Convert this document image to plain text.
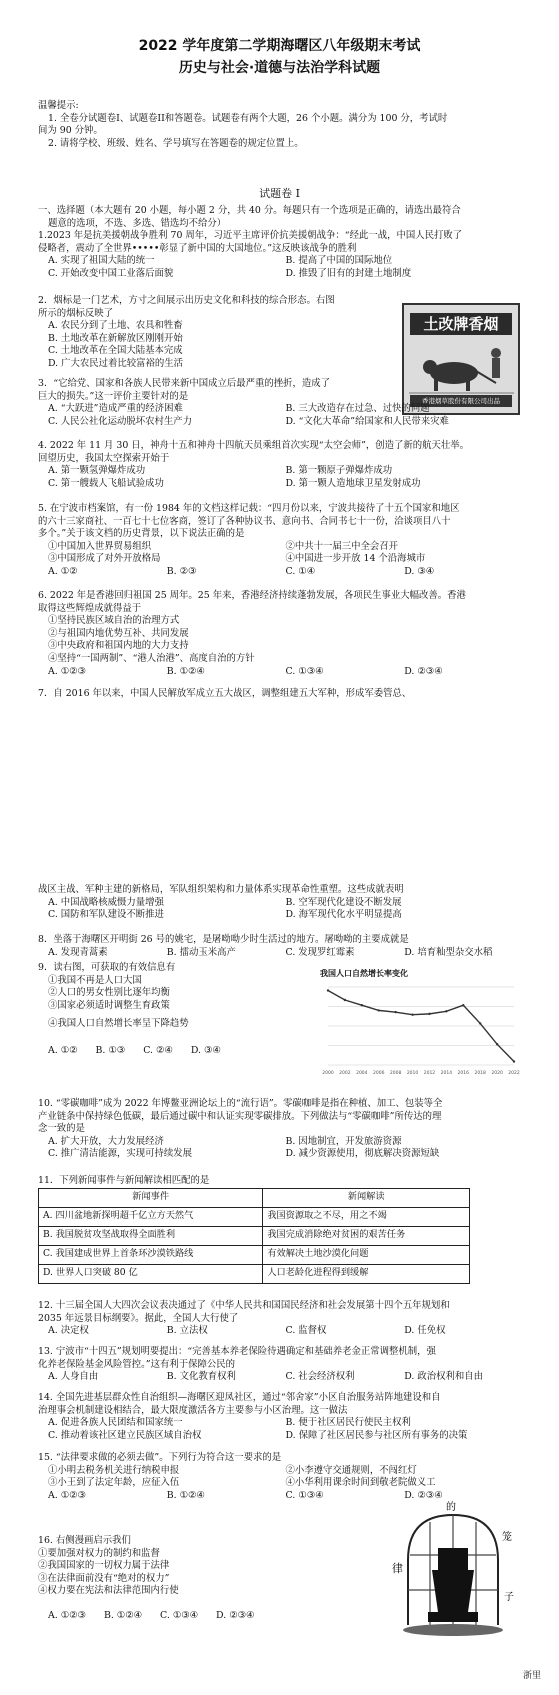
2022 学年度第二学期海曙区八年级期末考试
历史与社会·道德与法治学科试题

温馨提示:

1. 全卷分试题卷I、试题卷II和答题卷。试题卷有两个大题，26 个小题。满分为 100 分，考试时

间为 90 分钟。

2. 请将学校、班级、姓名、学号填写在答题卷的规定位置上。

试题卷 I

一、选择题（本大题有 20 小题，每小题 2 分，共 40 分。每题只有一个选项是正确的，请选出最符合

题意的选项，不选、多选、错选均不给分）

1.2023 年是抗美援朝战争胜利 70 周年，习近平主席评价抗美援朝战争：“经此一战，中国人民打败了

侵略者，震动了全世界•••••彰显了新中国的大国地位。”这反映该战争的胜利

A. 实现了祖国大陆的统一	B. 提高了中国的国际地位
C. 开始改变中国工业落后面貌	D. 推毁了旧有的封建土地制度

2．烟标是一门艺术，方寸之间展示出历史文化和科技的综合形态。右图

所示的烟标反映了

A. 农民分到了土地、农具和牲畜

B. 土地改革在新解放区刚刚开始

C. 土地改革在全国大陆基本完成

D. 广大农民过着比较富裕的生活

土改牌香烟
香港烟草股份有限公司出品

3．“它给党、国家和各族人民带来新中国成立后最严重的挫折，造成了

巨大的损失。”这一评价主要针对的是

A. “大跃进”造成严重的经济困难	B. 三大改造存在过急、过快的问题
C. 人民公社化运动脱坏农村生产力	D. “文化大革命”给国家和人民带来灾难

4. 2022 年 11 月 30 日，神舟十五和神舟十四航天员乘组首次实现“太空会师”，创造了新的航天壮举。

回望历史，我国太空探索开始于

A. 第一颗氢弹爆炸成功	B. 第一颗原子弹爆炸成功
C. 第一艘载人飞船试验成功	D. 第一颗人造地球卫星发射成功

5. 在宁波市档案馆，有一份 1984 年的文档这样记载：“四月份以来，宁波共接待了十五个国家和地区

的六十三家商社、一百七十七位客商，签订了各种协议书、意向书、合同书七十一份，洽谈项目八十

多个。”关于该文档的历史背景，以下说法正确的是

①中国加入世界贸易组织	②中共十一届三中全会召开
③中国形成了对外开放格局	④中国进一步开放 14 个沿海城市
A. ①②	B. ②③	C. ①④	D. ③④

6. 2022 年是香港回归祖国 25 周年。25 年来，香港经济持续蓬勃发展，各项民生事业大幅改善。香港

取得这些辉煌成就得益于

①坚持民族区域自治的治理方式

②与祖国内地优势互补、共同发展

③中央政府和祖国内地的大力支持

④坚持“一国两制”、“港人治港”、高度自治的方针

A. ①②③	B. ①②④	C. ①③④	D. ②③④

7．自 2016 年以来，中国人民解放军成立五大战区，调整组建五大军种，形成军委管总、

战区主战、军种主建的新格局，军队组织架构和力量体系实现革命性重塑。这些成就表明

A. 中国战略核威慑力量增强	B. 空军现代化建设不断发展
C. 国防和军队建设不断推进	D. 海军现代化水平明显提高

8．坐落于海曙区开明街 26 号的姚宅，是屠呦呦少时生活过的地方。屠呦呦的主要成就是

A. 发现青蒿素	B. 擂动玉米高产	C. 发现罗红霉素	D. 培育籼型杂交水稻

9．读右图，可获取的有效信息有

①我国不再是人口大国

②人口的男女性别比逐年均衡

③国家必须适时调整生育政策

④我国人口自然增长率呈下降趋势

A. ①② B. ①③ C. ②④ D. ③④
我国人口自然增长率变化
2000 2002 2004 2006 2008 2010 2012 2014 2016 2018 2020 2022

10. “零碳咖啡”成为 2022 年博鳌亚洲论坛上的“流行语”。零碳咖啡是指在种植、加工、包装等全

产业链条中保持绿色低碳，最后通过碳中和认证实现零碳排放。下列做法与“零碳咖啡”所传达的理

念一致的是

A. 扩大开放，大力发展经济	B. 因地制宜，开发旅游资源
C. 推广清洁能源，实现可持续发展	D. 减少资源使用，彻底解决资源短缺

11．下列新闻事件与新闻解读相匹配的是

新闻事件	新闻解读
A. 四川盆地新探明超千亿立方天然气	我国资源取之不尽，用之不竭
B. 我国脱贫攻坚战取得全面胜利	我国完成消除绝对贫困的艰苦任务
C. 我国建成世界上首条环沙漠铁路线	有效解决土地沙漠化问题
D. 世界人口突破 80 亿	人口老龄化进程得到缓解

12. 十三届全国人大四次会议表决通过了《中华人民共和国国民经济和社会发展第十四个五年规划和

2035 年远景目标纲要》。据此，全国人大行使了

A. 决定权	B. 立法权	C. 监督权	D. 任免权

13. 宁波市“十四五”规划明要提出：“完善基本养老保险待遇确定和基础养老金正常调整机制，强

化养老保险基金风险管控。”这有利于保障公民的

A. 人身自由	B. 文化教育权利	C. 社会经济权利	D. 政治权利和自由

14. 全国先进基层群众性自治组织—海曙区迎凤社区，通过“邻舍家”小区自治服务站阵地建设和自

治理事会机制建设相结合，最大限度激活各方主要参与小区治理。这一做法

A. 促进各族人民团结和国家统一	B. 便于社区居民行使民主权利
C. 推动着该社区建立民族区域自治权	D. 保障了社区居民参与社区所有事务的决策

15. “法律要求做的必须去做”。下列行为符合这一要求的是

①小明去税务机关进行纳税申报	②小李遵守交通规则，不闯红灯
③小王到了法定年龄，应征入伍	④小华利用课余时间到敬老院做义工
A. ①②③	B. ①②④	C. ①③④	D. ②③④

16. 右侧漫画启示我们

①要加强对权力的制约和监督

②我国国家的一切权力属于法律

③在法律面前没有“绝对的权力”

④权力要在宪法和法律范围内行使

A. ①②③ B. ①②④ C. ①③④ D. ②③④
的
律
笼
子
浙里
